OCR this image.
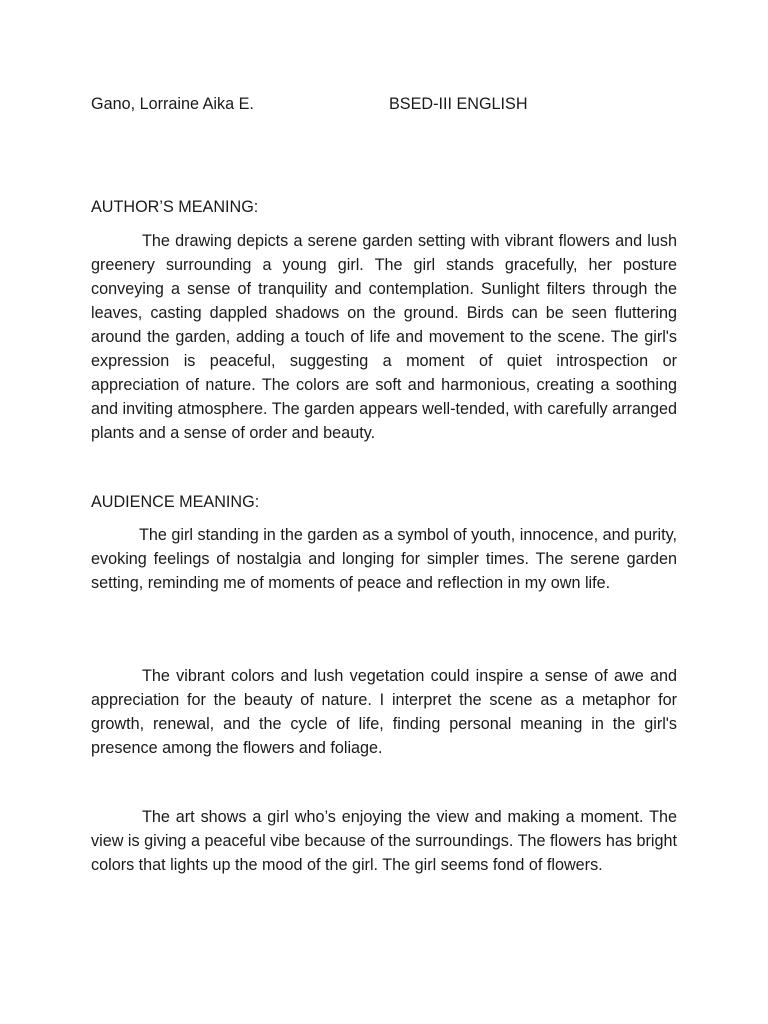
Gano, Lorraine Aika E.	BSED-III ENGLISH
AUTHOR’S MEANING:

The drawing depicts a serene garden setting with vibrant flowers and lush greenery surrounding a young girl. The girl stands gracefully, her posture conveying a sense of tranquility and contemplation. Sunlight filters through the leaves, casting dappled shadows on the ground. Birds can be seen fluttering around the garden, adding a touch of life and movement to the scene. The girl's expression is peaceful, suggesting a moment of quiet introspection or appreciation of nature. The colors are soft and harmonious, creating a soothing and inviting atmosphere. The garden appears well-tended, with carefully arranged plants and a sense of order and beauty.

AUDIENCE MEANING:

The girl standing in the garden as a symbol of youth, innocence, and purity, evoking feelings of nostalgia and longing for simpler times. The serene garden setting, reminding me of moments of peace and reflection in my own life.

The vibrant colors and lush vegetation could inspire a sense of awe and appreciation for the beauty of nature. I interpret the scene as a metaphor for growth, renewal, and the cycle of life, finding personal meaning in the girl's presence among the flowers and foliage.

The art shows a girl who’s enjoying the view and making a moment. The view is giving a peaceful vibe because of the surroundings. The flowers has bright colors that lights up the mood of the girl. The girl seems fond of flowers.
